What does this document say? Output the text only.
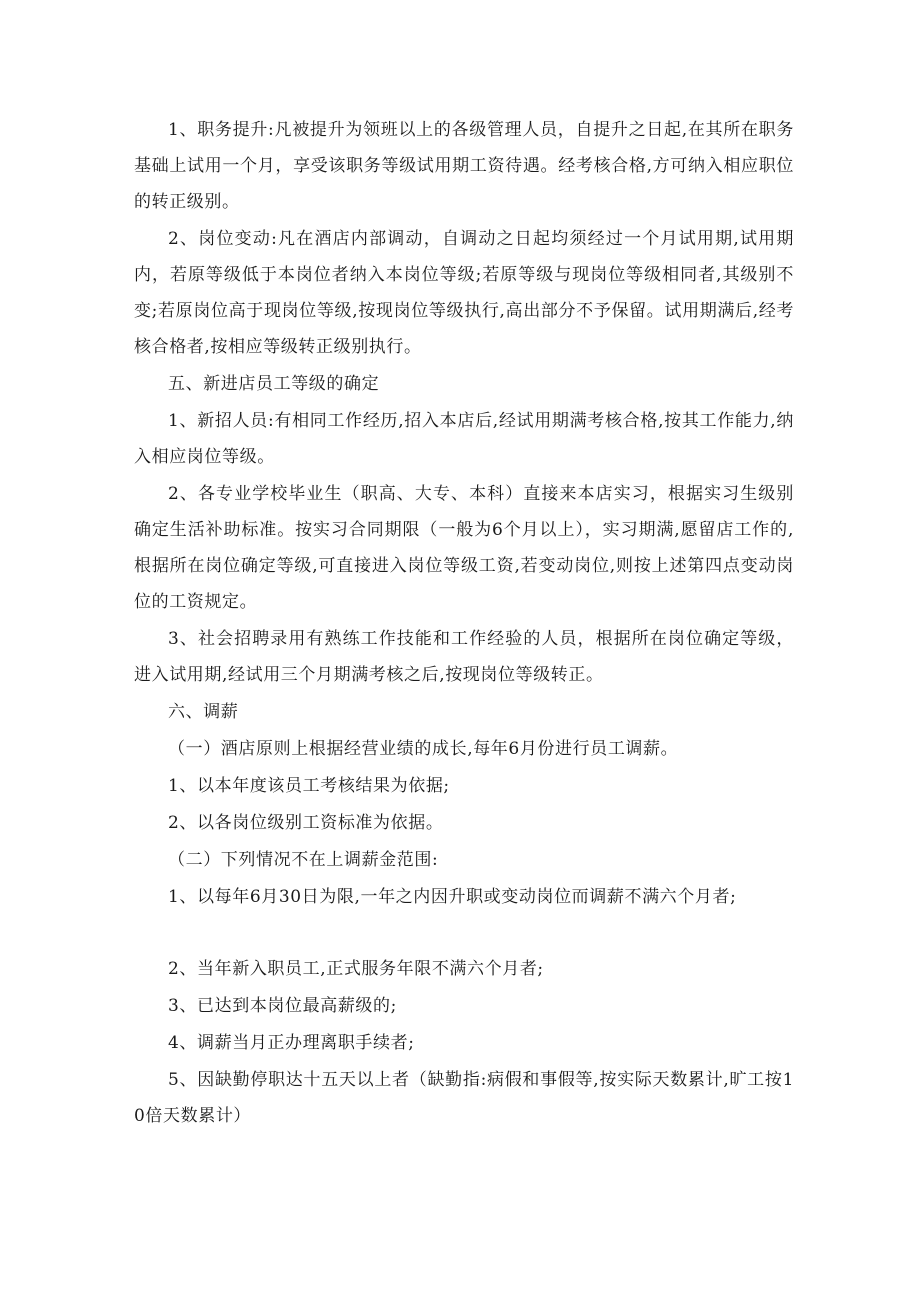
1、职务提升:凡被提升为领班以上的各级管理人员，自提升之日起,在其所在职务基础上试用一个月，享受该职务等级试用期工资待遇。经考核合格,方可纳入相应职位的转正级别。

2、岗位变动:凡在酒店内部调动，自调动之日起均须经过一个月试用期,试用期内，若原等级低于本岗位者纳入本岗位等级;若原等级与现岗位等级相同者,其级别不变;若原岗位高于现岗位等级,按现岗位等级执行,高出部分不予保留。试用期满后,经考核合格者,按相应等级转正级别执行。

五、新进店员工等级的确定

1、新招人员:有相同工作经历,招入本店后,经试用期满考核合格,按其工作能力,纳入相应岗位等级。

2、各专业学校毕业生（职高、大专、本科）直接来本店实习，根据实习生级别确定生活补助标准。按实习合同期限（一般为6个月以上），实习期满,愿留店工作的,根据所在岗位确定等级,可直接进入岗位等级工资,若变动岗位,则按上述第四点变动岗位的工资规定。

3、社会招聘录用有熟练工作技能和工作经验的人员，根据所在岗位确定等级，进入试用期,经试用三个月期满考核之后,按现岗位等级转正。

六、调薪

（一）酒店原则上根据经营业绩的成长,每年6月份进行员工调薪。

1、以本年度该员工考核结果为依据;

2、以各岗位级别工资标准为依据。

（二）下列情况不在上调薪金范围:

1、以每年6月30日为限,一年之内因升职或变动岗位而调薪不满六个月者;

2、当年新入职员工,正式服务年限不满六个月者;

3、已达到本岗位最高薪级的;

4、调薪当月正办理离职手续者;

5、因缺勤停职达十五天以上者（缺勤指:病假和事假等,按实际天数累计,旷工按10倍天数累计）
